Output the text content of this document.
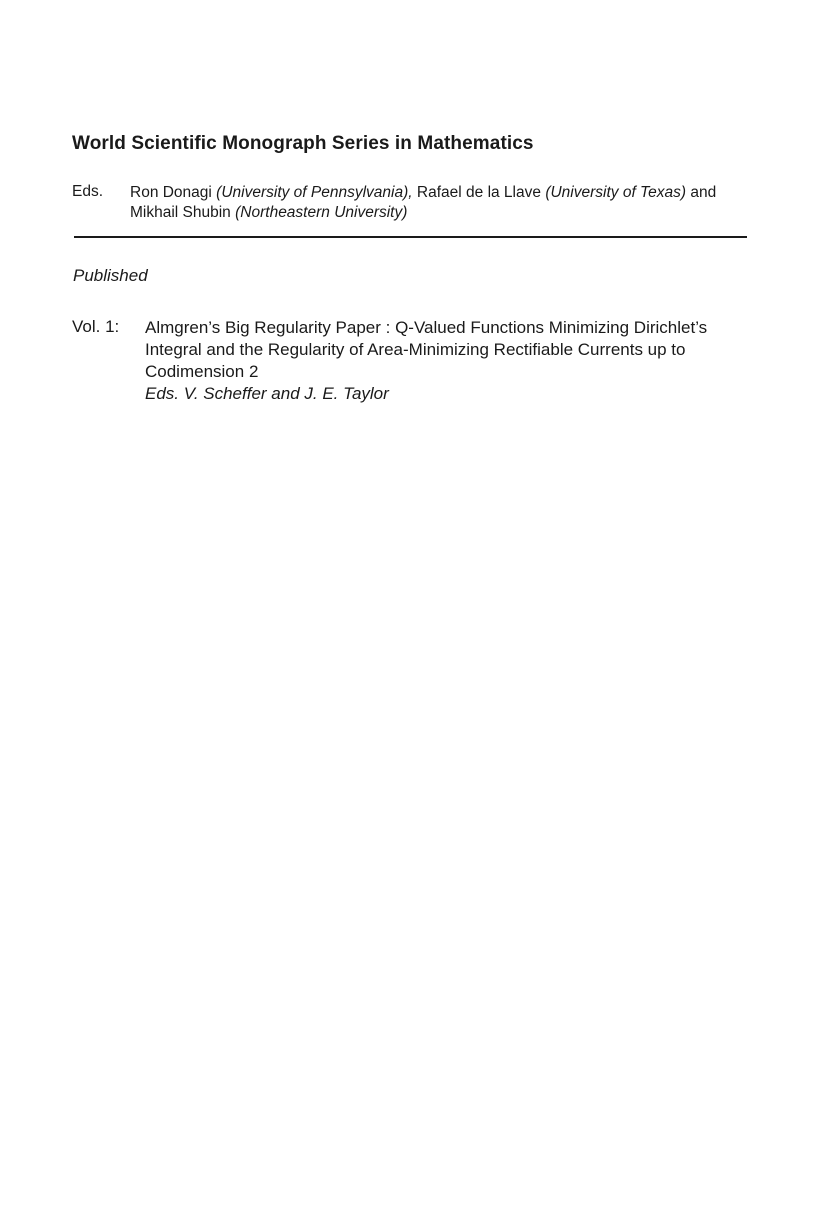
World Scientific Monograph Series in Mathematics
Eds. Ron Donagi (University of Pennsylvania), Rafael de la Llave (University of Texas) and
Mikhail Shubin (Northeastern University)
Published
Vol. 1: Almgren’s Big Regularity Paper : Q-Valued Functions Minimizing Dirichlet’s
Integral and the Regularity of Area-Minimizing Rectifiable Currents up to
Codimension 2
Eds. V. Scheffer and J. E. Taylor
